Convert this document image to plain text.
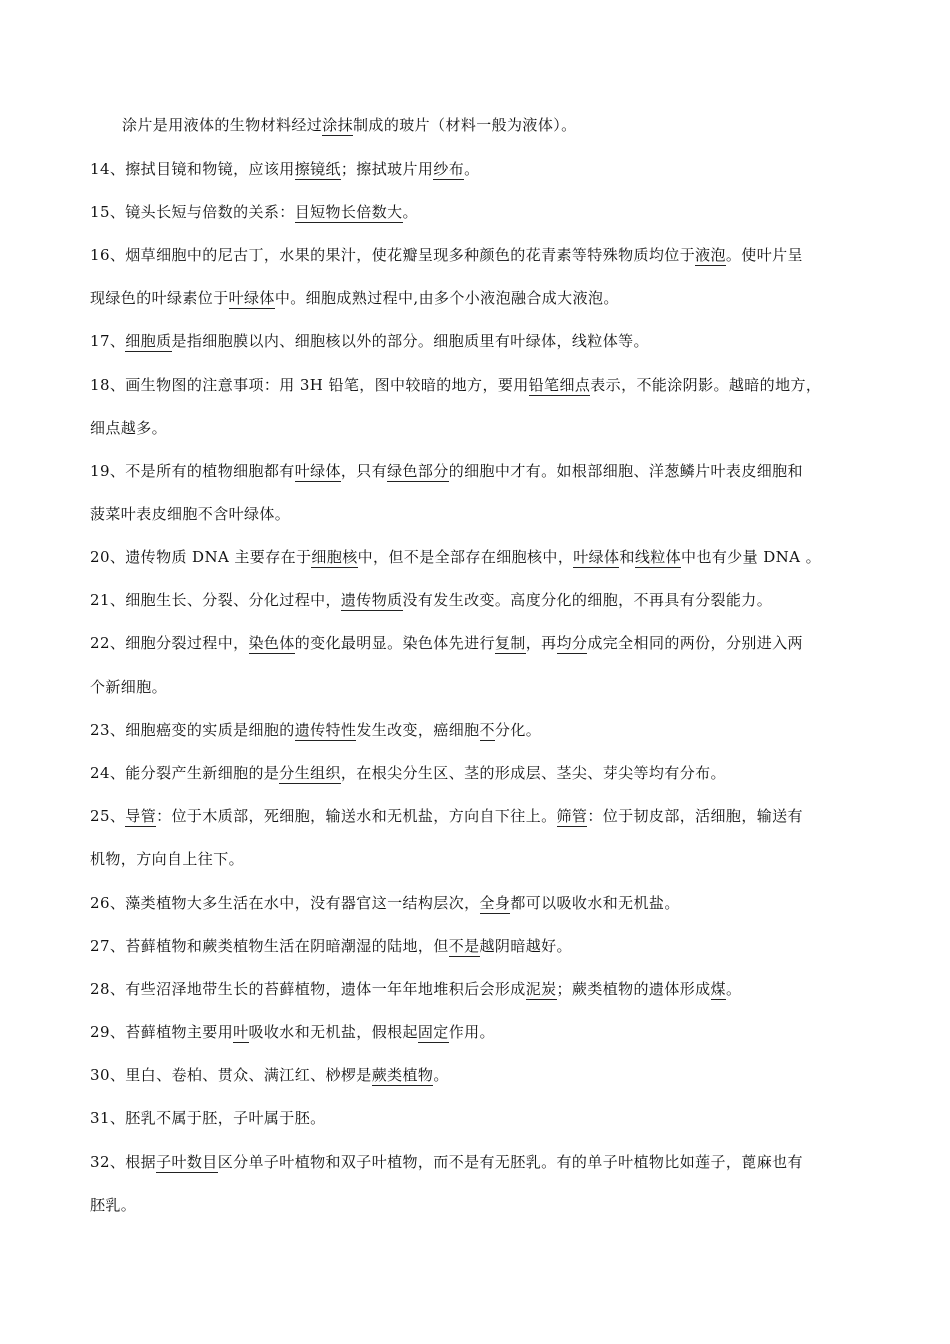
涂片是用液体的生物材料经过涂抹制成的玻片（材料一般为液体）。
14、擦拭目镜和物镜，应该用擦镜纸；擦拭玻片用纱布。
15、镜头长短与倍数的关系：目短物长倍数大。
16、烟草细胞中的尼古丁，水果的果汁，使花瓣呈现多种颜色的花青素等特殊物质均位于液泡。使叶片呈
现绿色的叶绿素位于叶绿体中。细胞成熟过程中,由多个小液泡融合成大液泡。
17、细胞质是指细胞膜以内、细胞核以外的部分。细胞质里有叶绿体，线粒体等。
18、画生物图的注意事项：用 3H 铅笔，图中较暗的地方，要用铅笔细点表示，不能涂阴影。越暗的地方，
细点越多。
19、不是所有的植物细胞都有叶绿体，只有绿色部分的细胞中才有。如根部细胞、洋葱鳞片叶表皮细胞和
菠菜叶表皮细胞不含叶绿体。
20、遗传物质 DNA 主要存在于细胞核中，但不是全部存在细胞核中，叶绿体和线粒体中也有少量 DNA 。
21、细胞生长、分裂、分化过程中，遗传物质没有发生改变。高度分化的细胞，不再具有分裂能力。
22、细胞分裂过程中，染色体的变化最明显。染色体先进行复制，再均分成完全相同的两份，分别进入两
个新细胞。
23、细胞癌变的实质是细胞的遗传特性发生改变，癌细胞不分化。
24、能分裂产生新细胞的是分生组织，在根尖分生区、茎的形成层、茎尖、芽尖等均有分布。
25、导管：位于木质部，死细胞，输送水和无机盐，方向自下往上。筛管：位于韧皮部，活细胞，输送有
机物，方向自上往下。
26、藻类植物大多生活在水中，没有器官这一结构层次，全身都可以吸收水和无机盐。
27、苔藓植物和蕨类植物生活在阴暗潮湿的陆地，但不是越阴暗越好。
28、有些沼泽地带生长的苔藓植物，遗体一年年地堆积后会形成泥炭；蕨类植物的遗体形成煤。
29、苔藓植物主要用叶吸收水和无机盐，假根起固定作用。
30、里白、卷柏、贯众、满江红、桫椤是蕨类植物。
31、胚乳不属于胚，子叶属于胚。
32、根据子叶数目区分单子叶植物和双子叶植物，而不是有无胚乳。有的单子叶植物比如莲子，蓖麻也有
胚乳。
